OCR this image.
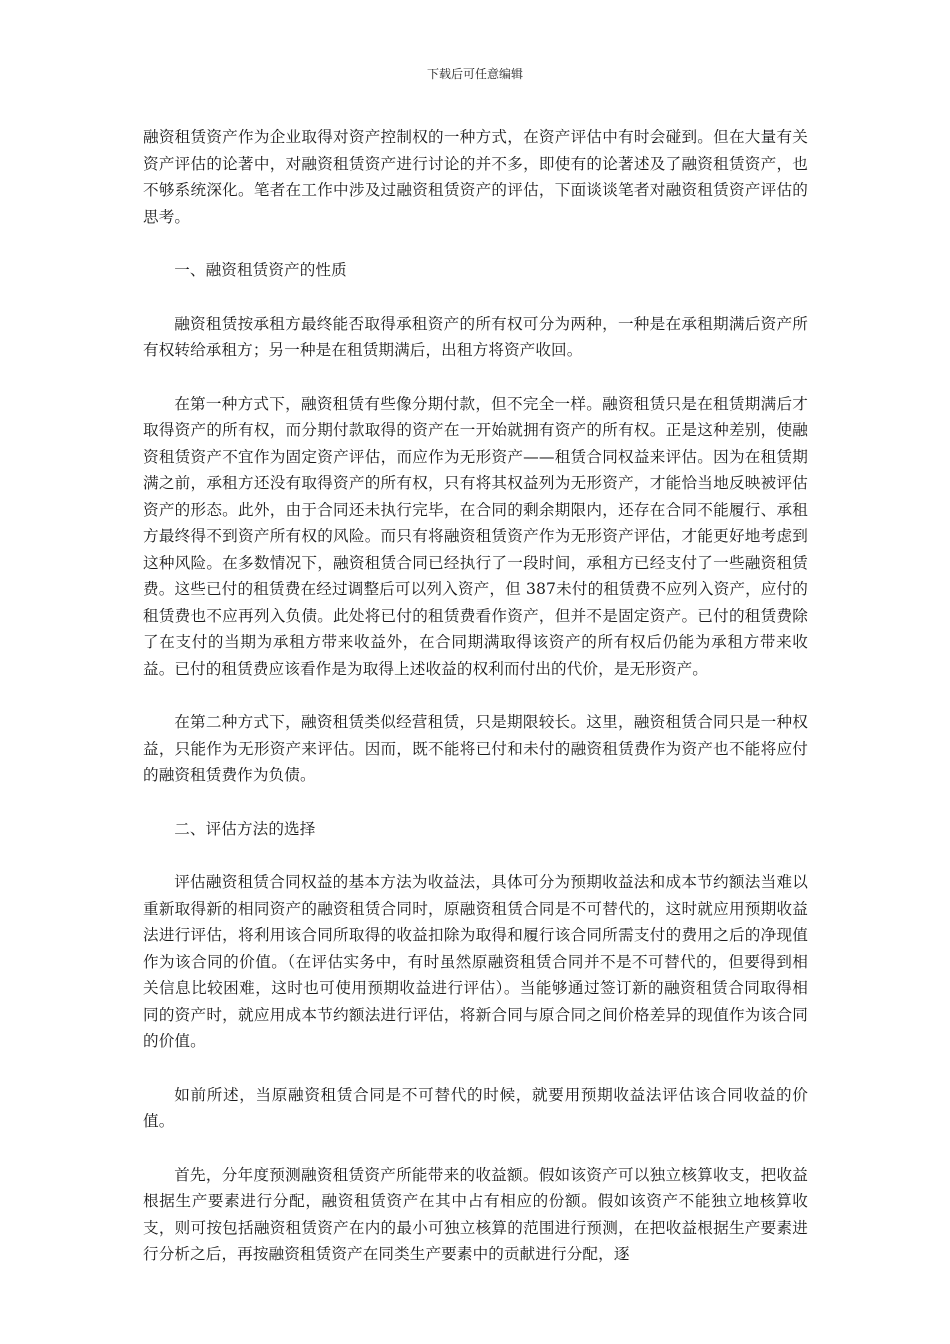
下载后可任意编辑

融资租赁资产作为企业取得对资产控制权的一种方式，在资产评估中有时会碰到。但在大量有关资产评估的论著中，对融资租赁资产进行讨论的并不多，即使有的论著述及了融资租赁资产，也不够系统深化。笔者在工作中涉及过融资租赁资产的评估，下面谈谈笔者对融资租赁资产评估的思考。

一、融资租赁资产的性质

融资租赁按承租方最终能否取得承租资产的所有权可分为两种，一种是在承租期满后资产所有权转给承租方；另一种是在租赁期满后，出租方将资产收回。

在第一种方式下，融资租赁有些像分期付款，但不完全一样。融资租赁只是在租赁期满后才取得资产的所有权，而分期付款取得的资产在一开始就拥有资产的所有权。正是这种差别，使融资租赁资产不宜作为固定资产评估，而应作为无形资产——租赁合同权益来评估。因为在租赁期满之前，承租方还没有取得资产的所有权，只有将其权益列为无形资产，才能恰当地反映被评估资产的形态。此外，由于合同还未执行完毕，在合同的剩余期限内，还存在合同不能履行、承租方最终得不到资产所有权的风险。而只有将融资租赁资产作为无形资产评估，才能更好地考虑到这种风险。在多数情况下，融资租赁合同已经执行了一段时间，承租方已经支付了一些融资租赁费。这些已付的租赁费在经过调整后可以列入资产，但 387未付的租赁费不应列入资产，应付的租赁费也不应再列入负债。此处将已付的租赁费看作资产，但并不是固定资产。已付的租赁费除了在支付的当期为承租方带来收益外，在合同期满取得该资产的所有权后仍能为承租方带来收益。已付的租赁费应该看作是为取得上述收益的权利而付出的代价，是无形资产。

在第二种方式下，融资租赁类似经营租赁，只是期限较长。这里，融资租赁合同只是一种权益，只能作为无形资产来评估。因而，既不能将已付和未付的融资租赁费作为资产也不能将应付的融资租赁费作为负债。

二、评估方法的选择

评估融资租赁合同权益的基本方法为收益法，具体可分为预期收益法和成本节约额法当难以重新取得新的相同资产的融资租赁合同时，原融资租赁合同是不可替代的，这时就应用预期收益法进行评估，将利用该合同所取得的收益扣除为取得和履行该合同所需支付的费用之后的净现值作为该合同的价值。（在评估实务中，有时虽然原融资租赁合同并不是不可替代的，但要得到相关信息比较困难，这时也可使用预期收益进行评估）。当能够通过签订新的融资租赁合同取得相同的资产时，就应用成本节约额法进行评估，将新合同与原合同之间价格差异的现值作为该合同的价值。

如前所述，当原融资租赁合同是不可替代的时候，就要用预期收益法评估该合同收益的价值。

首先，分年度预测融资租赁资产所能带来的收益额。假如该资产可以独立核算收支，把收益根据生产要素进行分配，融资租赁资产在其中占有相应的份额。假如该资产不能独立地核算收支，则可按包括融资租赁资产在内的最小可独立核算的范围进行预测，在把收益根据生产要素进行分析之后，再按融资租赁资产在同类生产要素中的贡献进行分配，逐
